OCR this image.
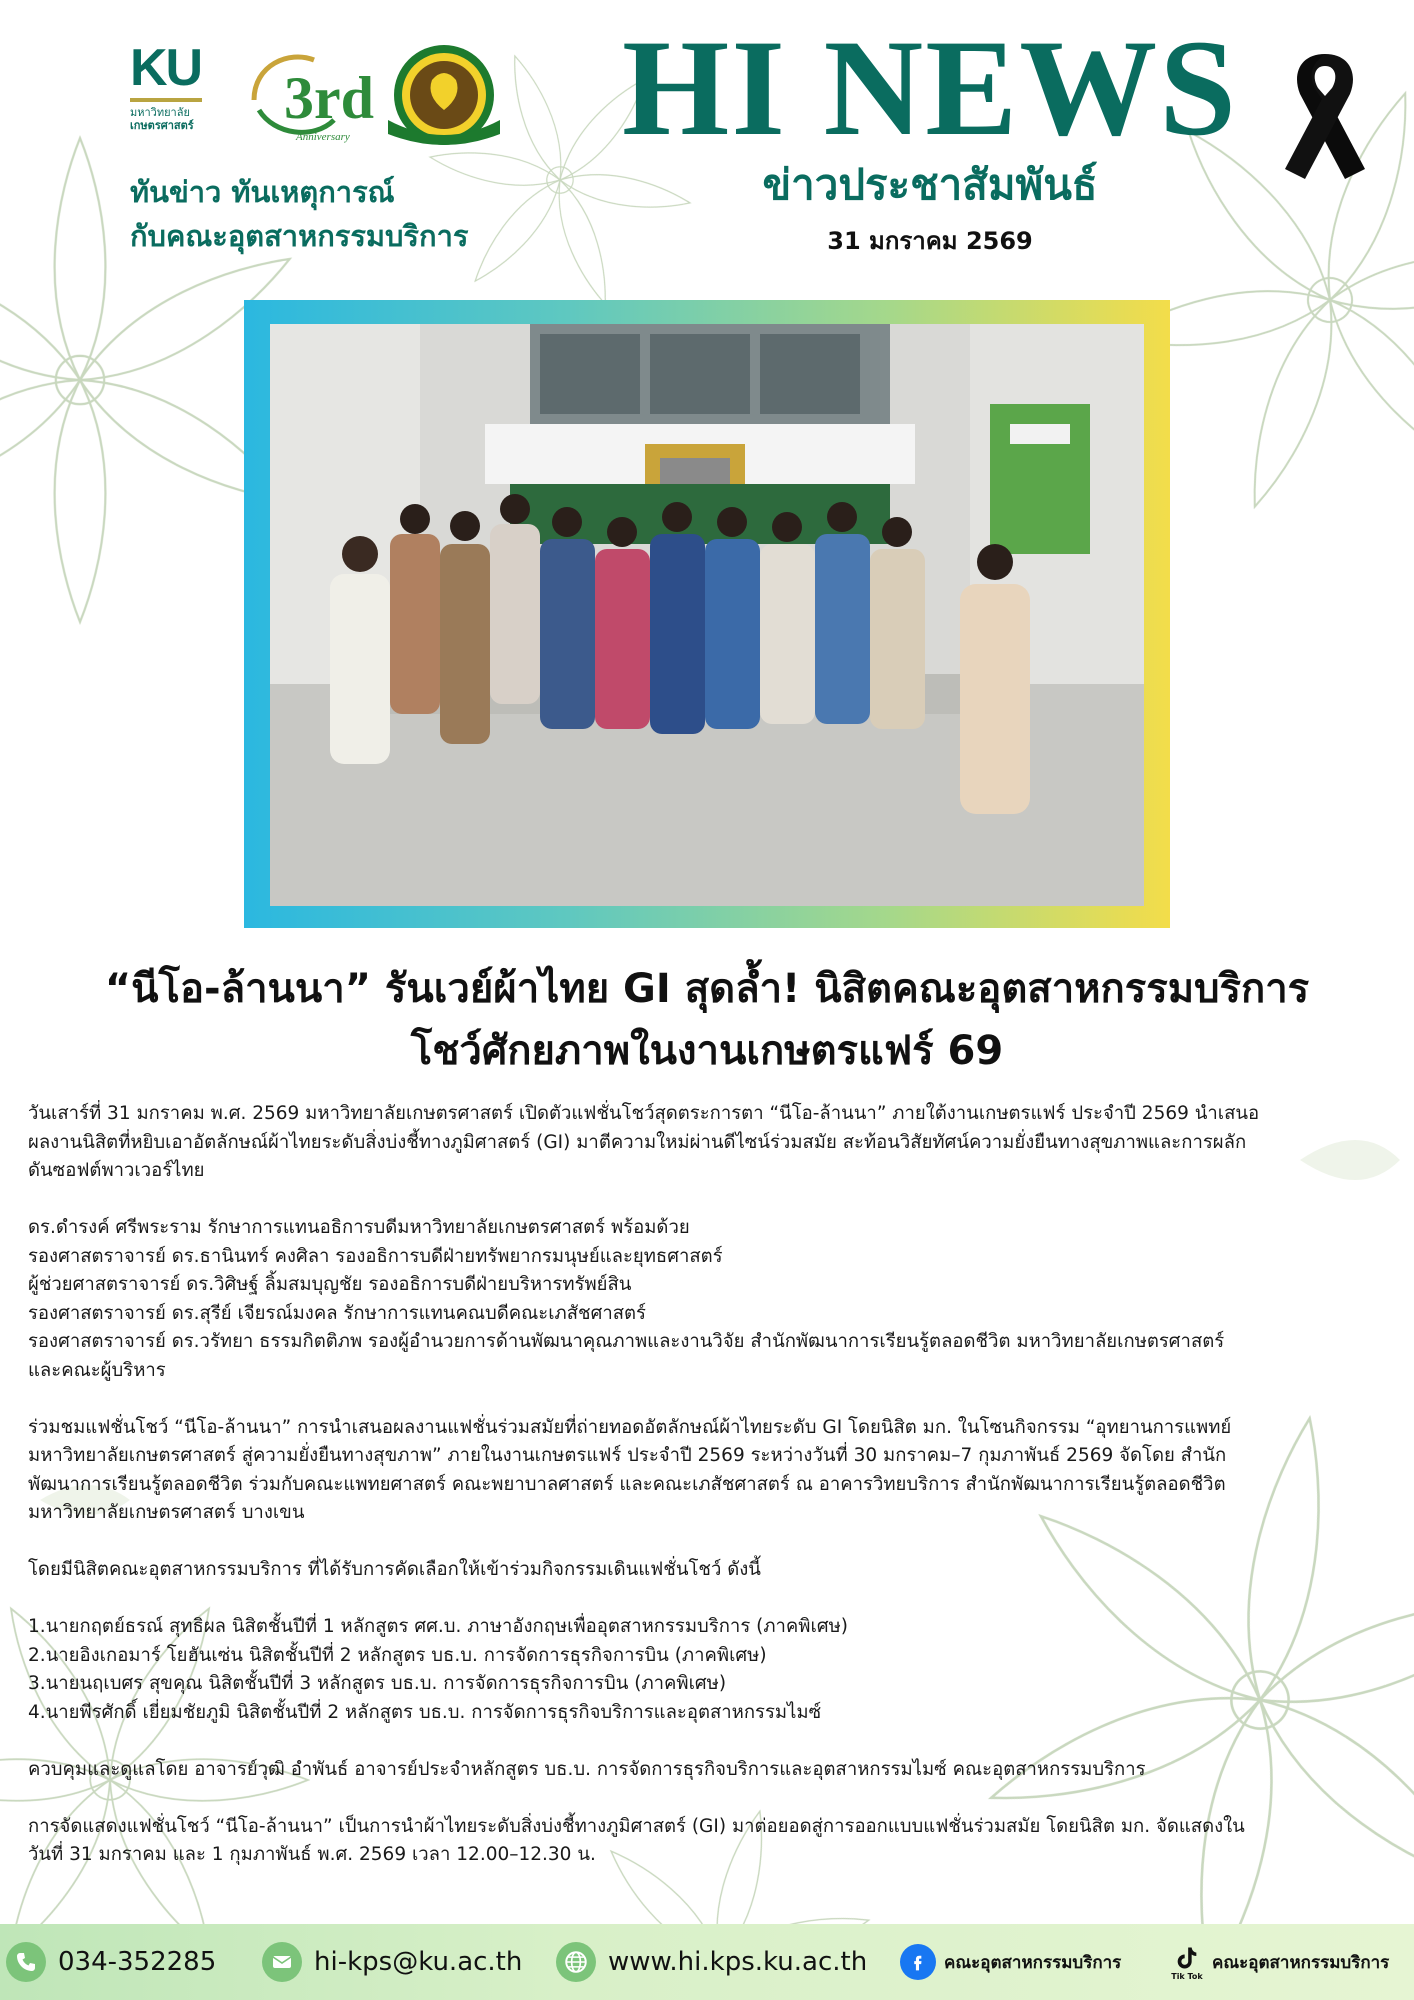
KU
มหาวิทยาลัย
เกษตรศาสตร์ 3rd
Anniversary
ทันข่าว ทันเหตุการณ์
กับคณะอุตสาหกรรมบริการ
HI NEWS
ข่าวประชาสัมพันธ์
31 มกราคม 2569
“นีโอ-ล้านนา” รันเวย์ผ้าไทย GI สุดล้ำ! นิสิตคณะอุตสาหกรรมบริการ
โชว์ศักยภาพในงานเกษตรแฟร์ 69

วันเสาร์ที่ 31 มกราคม พ.ศ. 2569 มหาวิทยาลัยเกษตรศาสตร์ เปิดตัวแฟชั่นโชว์สุดตระการตา “นีโอ-ล้านนา” ภายใต้งานเกษตรแฟร์ ประจำปี 2569 นำเสนอ

ผลงานนิสิตที่หยิบเอาอัตลักษณ์ผ้าไทยระดับสิ่งบ่งชี้ทางภูมิศาสตร์ (GI) มาตีความใหม่ผ่านดีไซน์ร่วมสมัย สะท้อนวิสัยทัศน์ความยั่งยืนทางสุขภาพและการผลัก

ดันซอฟต์พาวเวอร์ไทย

ดร.ดำรงค์ ศรีพระราม รักษาการแทนอธิการบดีมหาวิทยาลัยเกษตรศาสตร์ พร้อมด้วย

รองศาสตราจารย์ ดร.ธานินทร์ คงศิลา รองอธิการบดีฝ่ายทรัพยากรมนุษย์และยุทธศาสตร์

ผู้ช่วยศาสตราจารย์ ดร.วิศิษฐ์ ลิ้มสมบุญชัย รองอธิการบดีฝ่ายบริหารทรัพย์สิน

รองศาสตราจารย์ ดร.สุรีย์ เจียรณ์มงคล รักษาการแทนคณบดีคณะเภสัชศาสตร์

รองศาสตราจารย์ ดร.วรัทยา ธรรมกิตติภพ รองผู้อำนวยการด้านพัฒนาคุณภาพและงานวิจัย สำนักพัฒนาการเรียนรู้ตลอดชีวิต มหาวิทยาลัยเกษตรศาสตร์

และคณะผู้บริหาร

ร่วมชมแฟชั่นโชว์ “นีโอ-ล้านนา” การนำเสนอผลงานแฟชั่นร่วมสมัยที่ถ่ายทอดอัตลักษณ์ผ้าไทยระดับ GI โดยนิสิต มก. ในโซนกิจกรรม “อุทยานการแพทย์

มหาวิทยาลัยเกษตรศาสตร์ สู่ความยั่งยืนทางสุขภาพ” ภายในงานเกษตรแฟร์ ประจำปี 2569 ระหว่างวันที่ 30 มกราคม–7 กุมภาพันธ์ 2569 จัดโดย สำนัก

พัฒนาการเรียนรู้ตลอดชีวิต ร่วมกับคณะแพทยศาสตร์ คณะพยาบาลศาสตร์ และคณะเภสัชศาสตร์ ณ อาคารวิทยบริการ สำนักพัฒนาการเรียนรู้ตลอดชีวิต

มหาวิทยาลัยเกษตรศาสตร์ บางเขน

โดยมีนิสิตคณะอุตสาหกรรมบริการ ที่ได้รับการคัดเลือกให้เข้าร่วมกิจกรรมเดินแฟชั่นโชว์ ดังนี้

1.นายกฤตย์ธรณ์ สุทธิผล นิสิตชั้นปีที่ 1 หลักสูตร ศศ.บ. ภาษาอังกฤษเพื่ออุตสาหกรรมบริการ (ภาคพิเศษ)

2.นายอิงเกอมาร์ โยฮันเซ่น นิสิตชั้นปีที่ 2 หลักสูตร บธ.บ. การจัดการธุรกิจการบิน (ภาคพิเศษ)

3.นายนฤเบศร สุขคุณ นิสิตชั้นปีที่ 3 หลักสูตร บธ.บ. การจัดการธุรกิจการบิน (ภาคพิเศษ)

4.นายพีรศักดิ์ เยี่ยมชัยภูมิ นิสิตชั้นปีที่ 2 หลักสูตร บธ.บ. การจัดการธุรกิจบริการและอุตสาหกรรมไมซ์

ควบคุมและดูแลโดย อาจารย์วุฒิ อำพันธ์ อาจารย์ประจำหลักสูตร บธ.บ. การจัดการธุรกิจบริการและอุตสาหกรรมไมซ์ คณะอุตสาหกรรมบริการ

การจัดแสดงแฟชั่นโชว์ “นีโอ-ล้านนา” เป็นการนำผ้าไทยระดับสิ่งบ่งชี้ทางภูมิศาสตร์ (GI) มาต่อยอดสู่การออกแบบแฟชั่นร่วมสมัย โดยนิสิต มก. จัดแสดงใน

วันที่ 31 มกราคม และ 1 กุมภาพันธ์ พ.ศ. 2569 เวลา 12.00–12.30 น.

034-352285	hi-kps@ku.ac.th	www.hi.kps.ku.ac.th	คณะอุตสาหกรรมบริการ
Tik Tok
คณะอุตสาหกรรมบริการ
